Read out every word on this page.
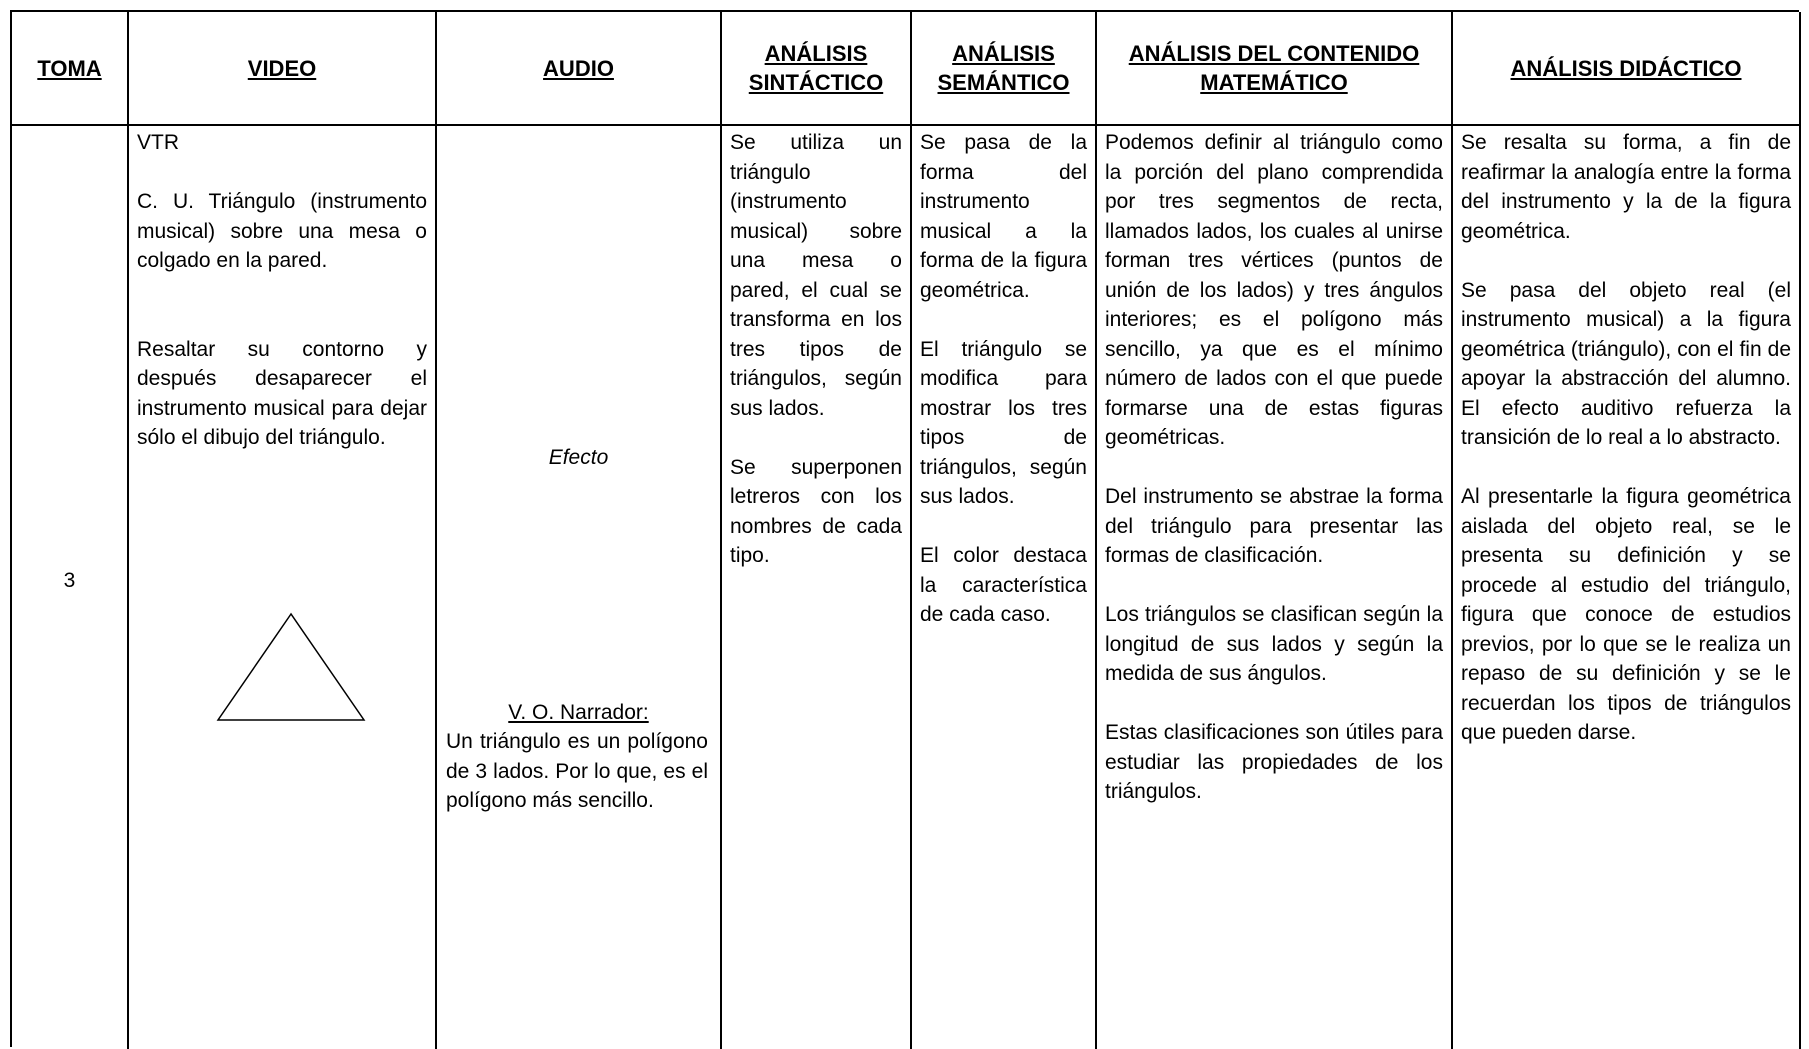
TOMA	VIDEO	AUDIO
ANÁLISIS
SINTÁCTICO
ANÁLISIS
SEMÁNTICO
ANÁLISIS DEL CONTENIDO
MATEMÁTICO
ANÁLISIS DIDÁCTICO
3

VTR

C. U. Triángulo (instrumento musical) sobre una mesa o colgado en la pared.

Resaltar su contorno y después desaparecer el instrumento musical para dejar sólo el dibujo del triángulo.

Efecto
V. O. Narrador:
Un triángulo es un polígono de 3 lados. Por lo que, es el polígono más sencillo.

Se utiliza un triángulo (instrumento musical) sobre una mesa o pared, el cual se transforma en los tres tipos de triángulos, según sus lados.

Se superponen letreros con los nombres de cada tipo.

Se pasa de la forma del instrumento musical a la forma de la figura geométrica.

El triángulo se modifica para mostrar los tres tipos de triángulos, según sus lados.

El color destaca la característica de cada caso.

Podemos definir al triángulo como la porción del plano comprendida por tres segmentos de recta, llamados lados, los cuales al unirse forman tres vértices (puntos de unión de los lados) y tres ángulos interiores; es el polígono más sencillo, ya que es el mínimo número de lados con el que puede formarse una de estas figuras geométricas.

Del instrumento se abstrae la forma del triángulo para presentar las formas de clasificación.

Los triángulos se clasifican según la longitud de sus lados y según la medida de sus ángulos.

Estas clasificaciones son útiles para estudiar las propiedades de los triángulos.

Se resalta su forma, a fin de reafirmar la analogía entre la forma del instrumento y la de la figura geométrica.

Se pasa del objeto real (el instrumento musical) a la figura geométrica (triángulo), con el fin de apoyar la abstracción del alumno. El efecto auditivo refuerza la transición de lo real a lo abstracto.

Al presentarle la figura geométrica aislada del objeto real, se le presenta su definición y se procede al estudio del triángulo, figura que conoce de estudios previos, por lo que se le realiza un repaso de su definición y se le recuerdan los tipos de triángulos que pueden darse.
